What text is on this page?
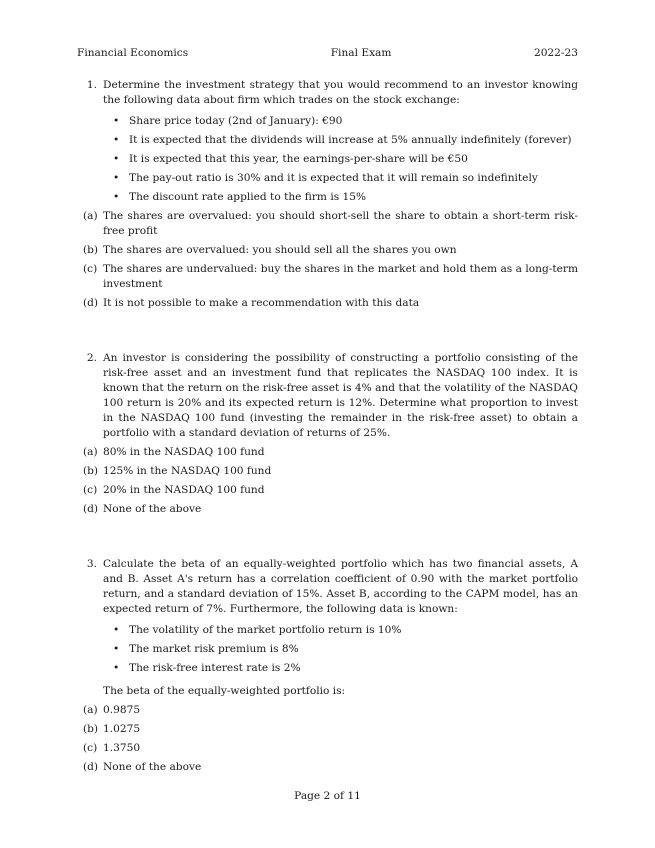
Financial Economics	Final Exam	2022-23
1. Determine the investment strategy that you would recommend to an investor knowing the following data about firm which trades on the stock exchange:

• Share price today (2nd of January): €90
• It is expected that the dividends will increase at 5% annually indefinitely (forever)
• It is expected that this year, the earnings-per-share will be €50
• The pay-out ratio is 30% and it is expected that it will remain so indefinitely
• The discount rate applied to the firm is 15%
(a) The shares are overvalued: you should short-sell the share to obtain a short-term risk-free profit
(b) The shares are overvalued: you should sell all the shares you own
(c) The shares are undervalued: buy the shares in the market and hold them as a long-term investment
(d) It is not possible to make a recommendation with this data
2. An investor is considering the possibility of constructing a portfolio consisting of the risk-free asset and an investment fund that replicates the NASDAQ 100 index. It is known that the return on the risk-free asset is 4% and that the volatility of the NASDAQ 100 return is 20% and its expected return is 12%. Determine what proportion to invest in the NASDAQ 100 fund (investing the remainder in the risk-free asset) to obtain a portfolio with a standard deviation of returns of 25%.

(a) 80% in the NASDAQ 100 fund
(b) 125% in the NASDAQ 100 fund
(c) 20% in the NASDAQ 100 fund
(d) None of the above
3. Calculate the beta of an equally-weighted portfolio which has two financial assets, A and B. Asset A's return has a correlation coefficient of 0.90 with the market portfolio return, and a standard deviation of 15%. Asset B, according to the CAPM model, has an expected return of 7%. Furthermore, the following data is known:

• The volatility of the market portfolio return is 10%
• The market risk premium is 8%
• The risk-free interest rate is 2%

The beta of the equally-weighted portfolio is:

(a) 0.9875
(b) 1.0275
(c) 1.3750
(d) None of the above
Page 2 of 11
